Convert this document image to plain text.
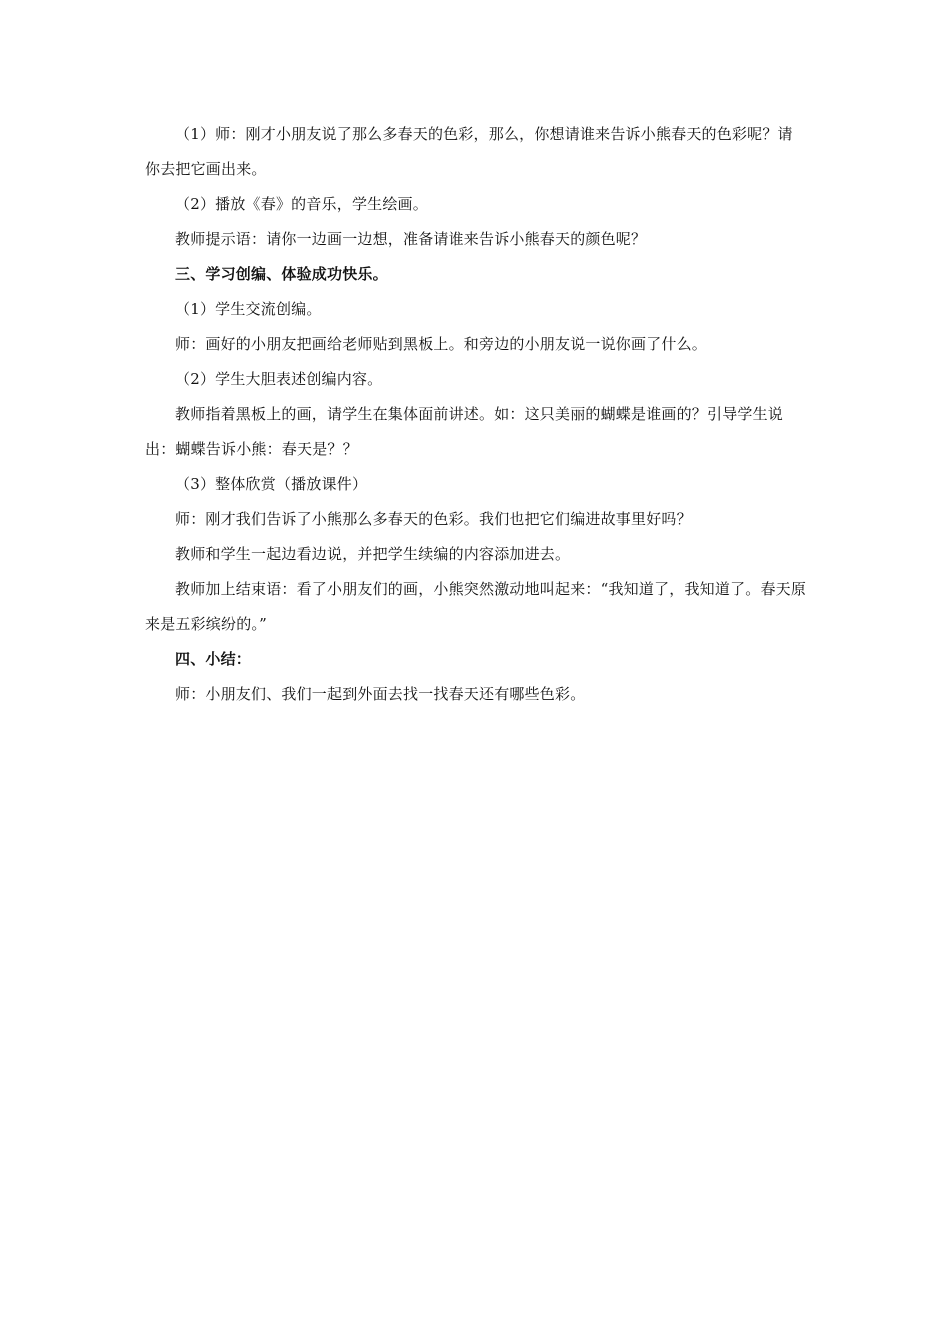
（1）师：刚才小朋友说了那么多春天的色彩，那么，你想请谁来告诉小熊春天的色彩呢？请你去把它画出来。

（2）播放《春》的音乐，学生绘画。

教师提示语：请你一边画一边想，准备请谁来告诉小熊春天的颜色呢？

三、学习创编、体验成功快乐。

（1）学生交流创编。

师：画好的小朋友把画给老师贴到黑板上。和旁边的小朋友说一说你画了什么。

（2）学生大胆表述创编内容。

教师指着黑板上的画，请学生在集体面前讲述。如：这只美丽的蝴蝶是谁画的？引导学生说出：蝴蝶告诉小熊：春天是？？

（3）整体欣赏（播放课件）

师：刚才我们告诉了小熊那么多春天的色彩。我们也把它们编进故事里好吗？

教师和学生一起边看边说，并把学生续编的内容添加进去。

教师加上结束语：看了小朋友们的画，小熊突然激动地叫起来：“我知道了，我知道了。春天原来是五彩缤纷的。”

四、小结：

师：小朋友们、我们一起到外面去找一找春天还有哪些色彩。
